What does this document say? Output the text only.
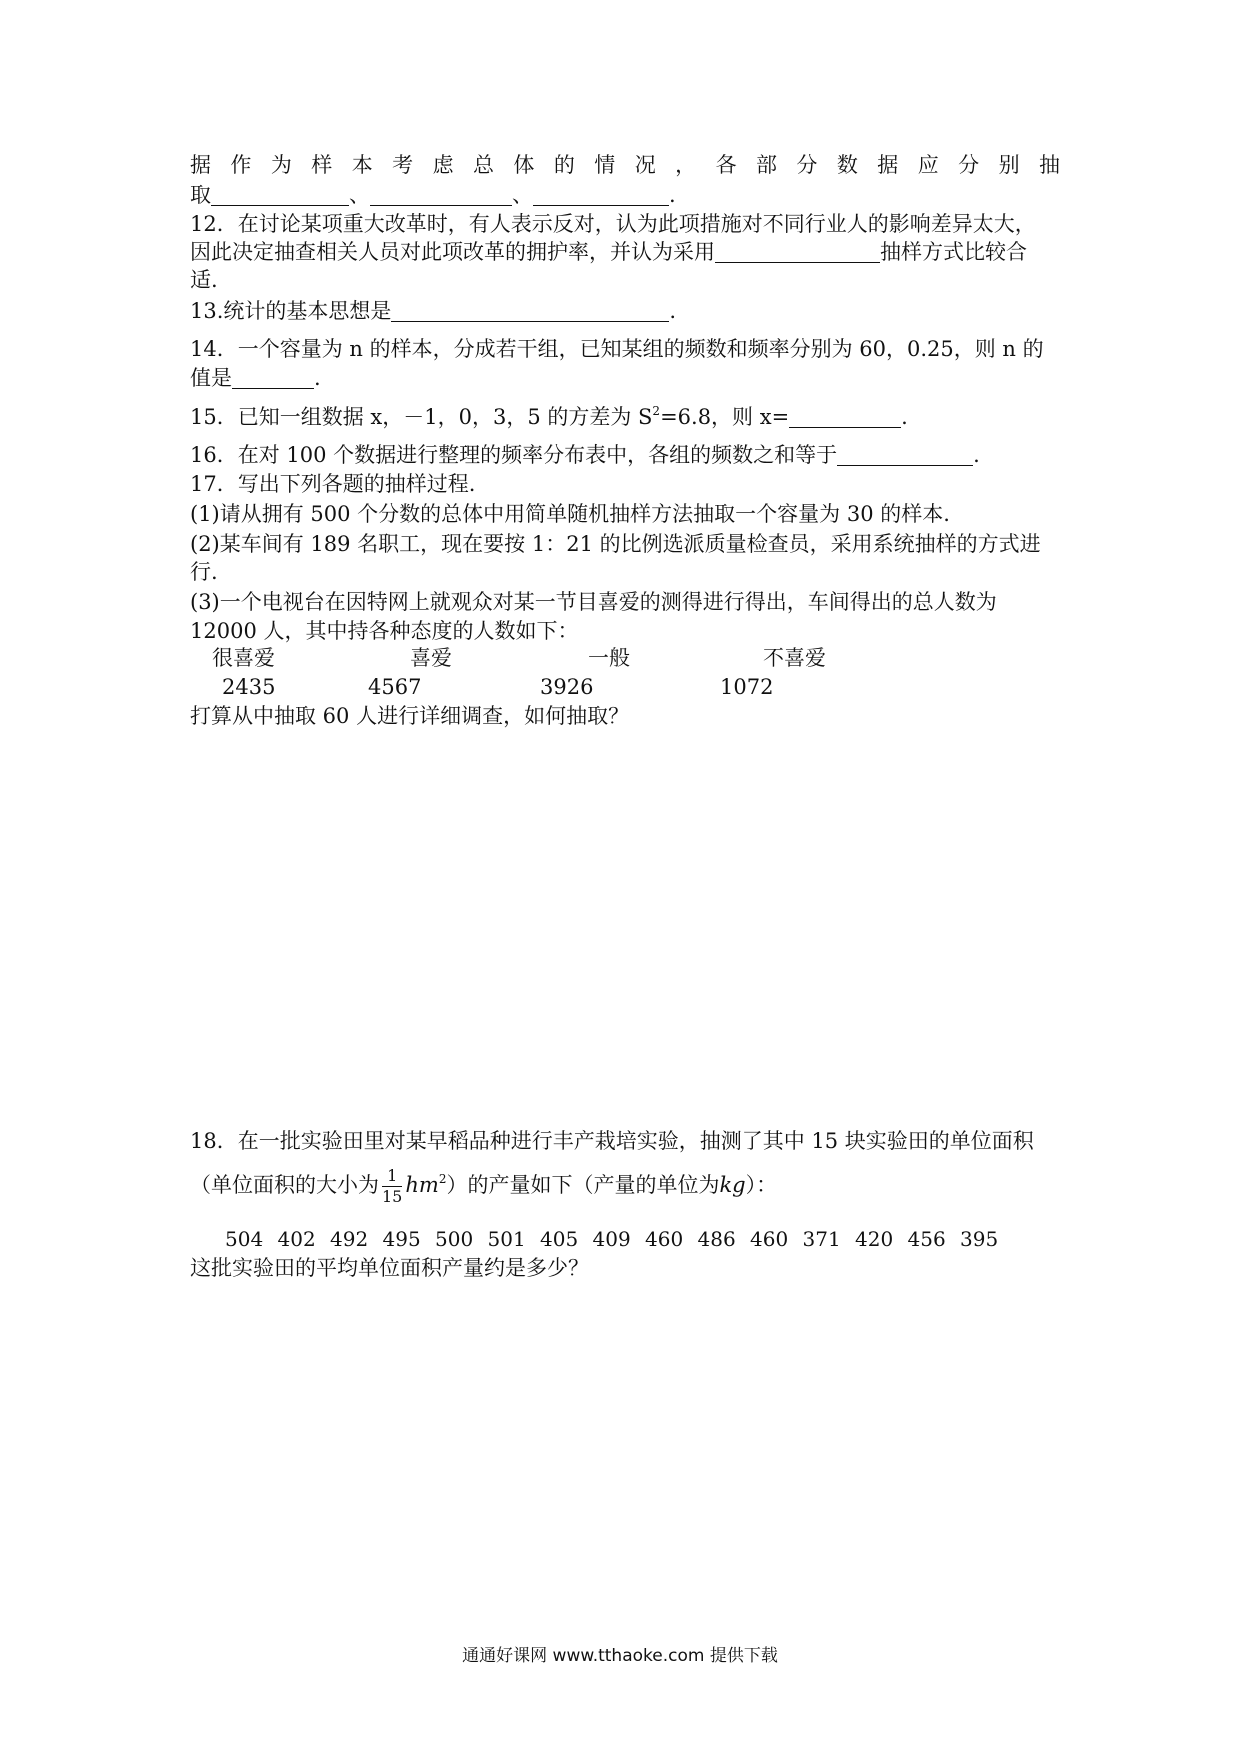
据作为样本考虑总体的情况，各部分数据应分别抽
取	、	、	.
12．在讨论某项重大改革时，有人表示反对，认为此项措施对不同行业人的影响差异太大，
因此决定抽查相关人员对此项改革的拥护率，并认为采用	抽样方式比较合
适.
13.统计的基本思想是	.
14．一个容量为 n 的样本，分成若干组，已知某组的频数和频率分别为 60，0.25，则 n 的
值是	.
15．已知一组数据 x，－1，0，3，5 的方差为 $S^2=6.8$，则 x=	.
16．在对 100 个数据进行整理的频率分布表中，各组的频数之和等于	.
17．写出下列各题的抽样过程.
(1)请从拥有 500 个分数的总体中用简单随机抽样方法抽取一个容量为 30 的样本.
(2)某车间有 189 名职工，现在要按 1：21 的比例选派质量检查员，采用系统抽样的方式进
行.
(3)一个电视台在因特网上就观众对某一节目喜爱的测得进行得出，车间得出的总人数为
12000 人，其中持各种态度的人数如下：
很喜爱	喜爱	一般	不喜爱
2435	4567	3926	1072
打算从中抽取 60 人进行详细调查，如何抽取？
18．在一批实验田里对某早稻品种进行丰产栽培实验，抽测了其中 15 块实验田的单位面积
（单位面积的大小为 $\frac{1}{15} hm^2$）的产量如下（产量的单位为kg）：
504 402 492 495 500 501 405 409 460 486 460 371 420 456 395
这批实验田的平均单位面积产量约是多少？
通通好课网 www.tthaoke.com 提供下载
